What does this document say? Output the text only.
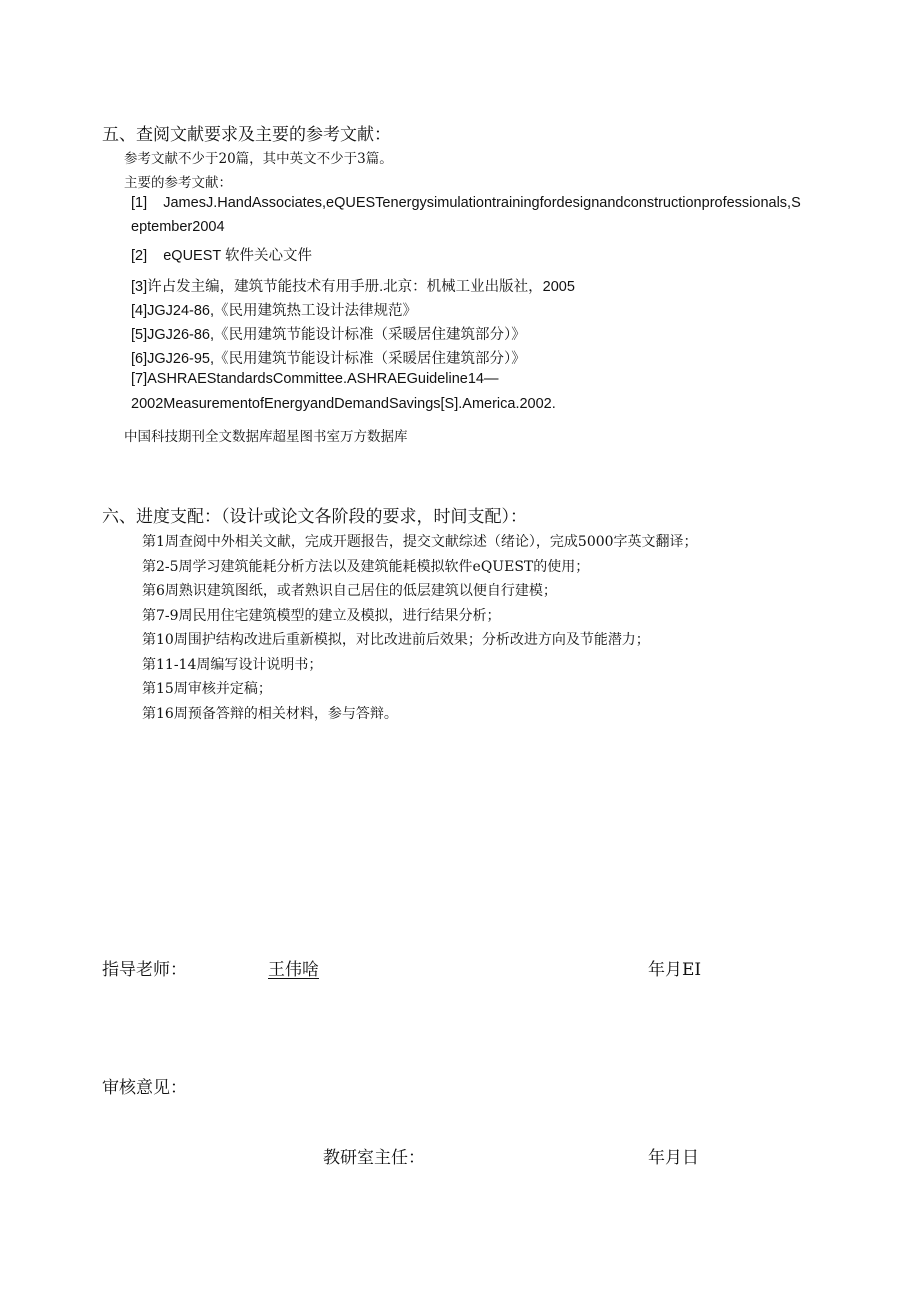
五、查阅文献要求及主要的参考文献：
参考文献不少于20篇，其中英文不少于3篇。
主要的参考文献：
[1]    JamesJ.HandAssociates,eQUESTenergysimulationtrainingfordesignandconstructionprofessionals,S
eptember2004
[2]    eQUEST 软件关心文件
[3]许占发主编，建筑节能技术有用手册.北京：机械工业出版社，2005
[4]JGJ24-86,《民用建筑热工设计法律规范》
[5]JGJ26-86,《民用建筑节能设计标准（采暖居住建筑部分）》
[6]JGJ26-95,《民用建筑节能设计标准（采暖居住建筑部分）》
[7]ASHRAEStandardsCommittee.ASHRAEGuideline14—
2002MeasurementofEnergyandDemandSavings[S].America.2002.
中国科技期刊全文数据库超星图书室万方数据库
六、进度支配：（设计或论文各阶段的要求，时间支配）：
第1周查阅中外相关文献，完成开题报告，提交文献综述（绪论），完成5000字英文翻译；
第2-5周学习建筑能耗分析方法以及建筑能耗模拟软件eQUEST的使用；
第6周熟识建筑图纸，或者熟识自己居住的低层建筑以便自行建模；
第7-9周民用住宅建筑模型的建立及模拟，进行结果分析；
第10周围护结构改进后重新模拟，对比改进前后效果；分析改进方向及节能潜力；
第11-14周编写设计说明书；
第15周审核并定稿；
第16周预备答辩的相关材料，参与答辩。
指导老师：	王伟啥	年月EI
审核意见：
教研室主任：	年月日
